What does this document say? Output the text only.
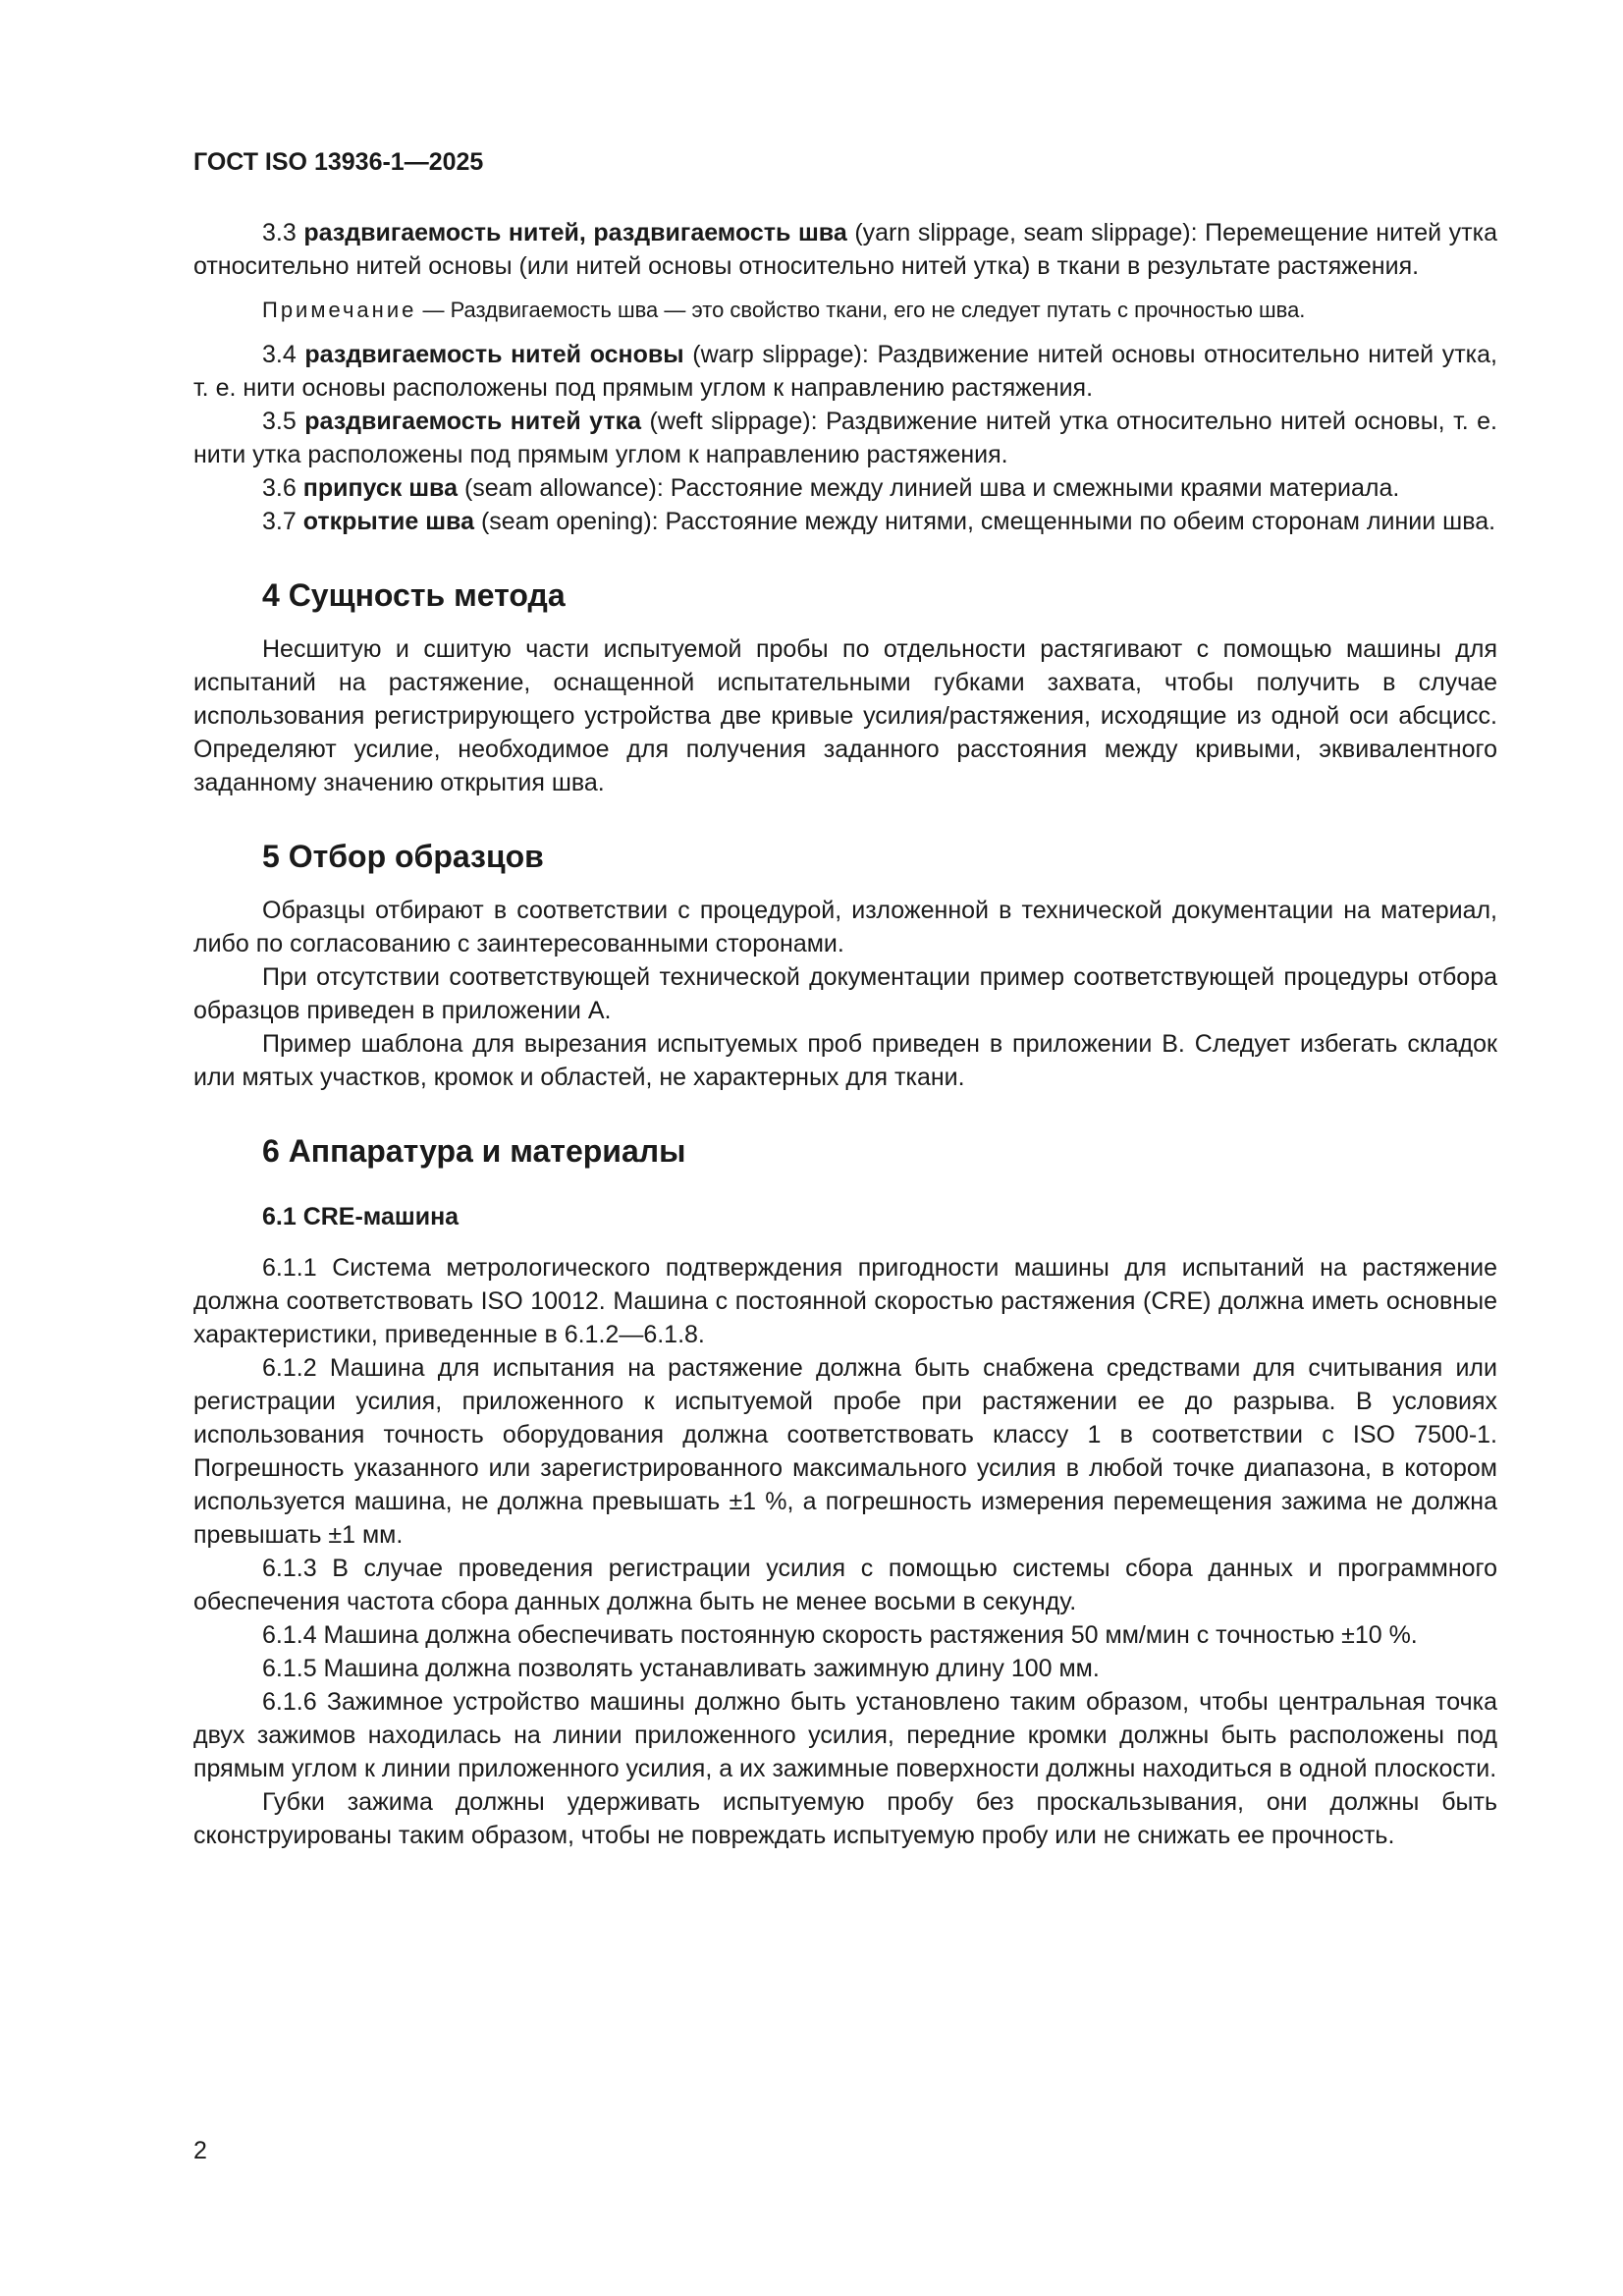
ГОСТ ISO 13936-1—2025

3.3 раздвигаемость нитей, раздвигаемость шва (yarn slippage, seam slippage): Перемещение нитей утка относительно нитей основы (или нитей основы относительно нитей утка) в ткани в результате растяжения.

Примечание — Раздвигаемость шва — это свойство ткани, его не следует путать с прочностью шва.

3.4 раздвигаемость нитей основы (warp slippage): Раздвижение нитей основы относительно нитей утка, т. е. нити основы расположены под прямым углом к направлению растяжения.

3.5 раздвигаемость нитей утка (weft slippage): Раздвижение нитей утка относительно нитей основы, т. е. нити утка расположены под прямым углом к направлению растяжения.

3.6 припуск шва (seam allowance): Расстояние между линией шва и смежными краями материала.

3.7 открытие шва (seam opening): Расстояние между нитями, смещенными по обеим сторонам линии шва.

4 Сущность метода

Несшитую и сшитую части испытуемой пробы по отдельности растягивают с помощью машины для испытаний на растяжение, оснащенной испытательными губками захвата, чтобы получить в случае использования регистрирующего устройства две кривые усилия/растяжения, исходящие из одной оси абсцисс. Определяют усилие, необходимое для получения заданного расстояния между кривыми, эквивалентного заданному значению открытия шва.

5 Отбор образцов

Образцы отбирают в соответствии с процедурой, изложенной в технической документации на материал, либо по согласованию с заинтересованными сторонами.

При отсутствии соответствующей технической документации пример соответствующей процедуры отбора образцов приведен в приложении А.

Пример шаблона для вырезания испытуемых проб приведен в приложении В. Следует избегать складок или мятых участков, кромок и областей, не характерных для ткани.

6 Аппаратура и материалы
6.1 CRE-машина

6.1.1 Система метрологического подтверждения пригодности машины для испытаний на растяжение должна соответствовать ISO 10012. Машина с постоянной скоростью растяжения (CRE) должна иметь основные характеристики, приведенные в 6.1.2—6.1.8.

6.1.2 Машина для испытания на растяжение должна быть снабжена средствами для считывания или регистрации усилия, приложенного к испытуемой пробе при растяжении ее до разрыва. В условиях использования точность оборудования должна соответствовать классу 1 в соответствии с ISO 7500-1. Погрешность указанного или зарегистрированного максимального усилия в любой точке диапазона, в котором используется машина, не должна превышать ±1 %, а погрешность измерения перемещения зажима не должна превышать ±1 мм.

6.1.3 В случае проведения регистрации усилия с помощью системы сбора данных и программного обеспечения частота сбора данных должна быть не менее восьми в секунду.

6.1.4 Машина должна обеспечивать постоянную скорость растяжения 50 мм/мин с точностью ±10 %.

6.1.5 Машина должна позволять устанавливать зажимную длину 100 мм.

6.1.6 Зажимное устройство машины должно быть установлено таким образом, чтобы центральная точка двух зажимов находилась на линии приложенного усилия, передние кромки должны быть расположены под прямым углом к линии приложенного усилия, а их зажимные поверхности должны находиться в одной плоскости.

Губки зажима должны удерживать испытуемую пробу без проскальзывания, они должны быть сконструированы таким образом, чтобы не повреждать испытуемую пробу или не снижать ее прочность.

2
